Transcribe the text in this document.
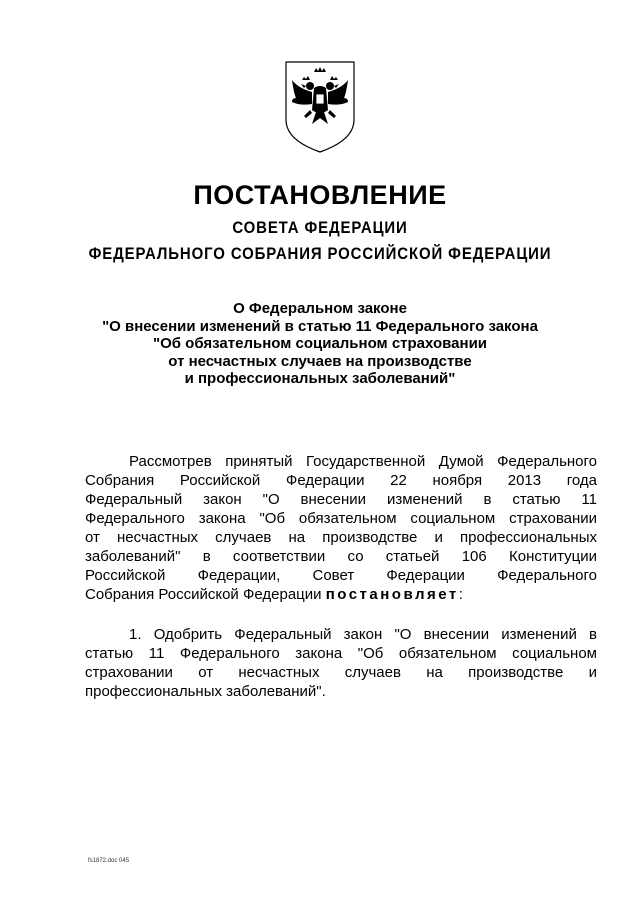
ПОСТАНОВЛЕНИЕ
СОВЕТА ФЕДЕРАЦИИ
ФЕДЕРАЛЬНОГО СОБРАНИЯ РОССИЙСКОЙ ФЕДЕРАЦИИ
О Федеральном законе
"О внесении изменений в статью 11 Федерального закона
"Об обязательном социальном страховании
от несчастных случаев на производстве
и профессиональных заболеваний"
Рассмотрев принятый Государственной Думой Федерального
Собрания Российской Федерации 22 ноября 2013 года
Федеральный закон "О внесении изменений в статью 11
Федерального закона "Об обязательном социальном страховании
от несчастных случаев на производстве и профессиональных
заболеваний" в соответствии со статьей 106 Конституции
Российской Федерации, Совет Федерации Федерального
Собрания Российской Федерации постановляет:
1. Одобрить Федеральный закон "О внесении изменений в
статью 11 Федерального закона "Об обязательном социальном
страховании от несчастных случаев на производстве и
профессиональных заболеваний".
fs1872.doc 045
